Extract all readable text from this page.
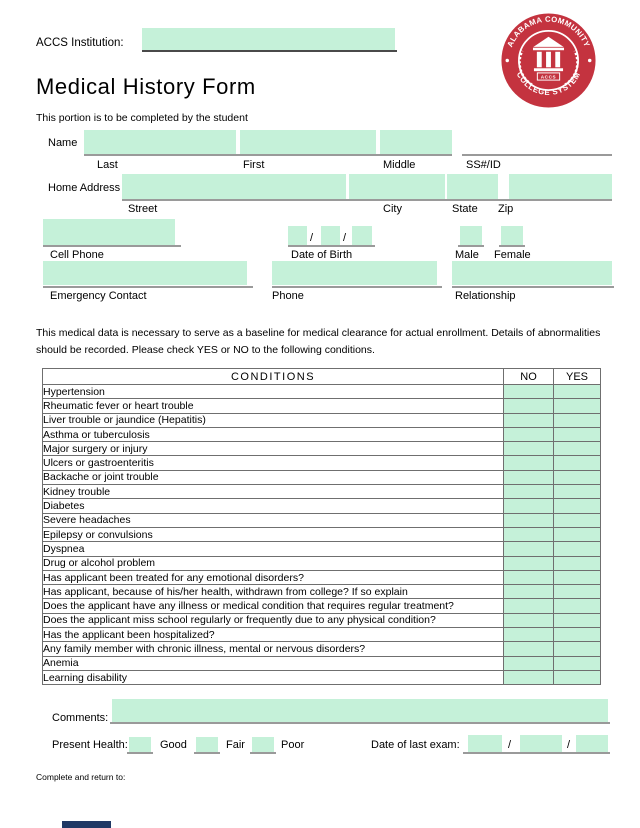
ACCS Institution:	ALABAMA COMMUNITY
COLLEGE SYSTEM
ACCS
Medical History Form
This portion is to be completed by the student
Name
Last	First	Middle	SS#/ID
Home Address
Street	City	State Zip
Cell Phone
/	/
Date of Birth	Male Female
Emergency Contact	Phone	Relationship
This medical data is necessary to serve as a baseline for medical clearance for actual enrollment. Details of abnormalities should be recorded. Please check YES or NO to the following conditions.
CONDITIONS	NO	YES
Hypertension		
Rheumatic fever or heart trouble		
Liver trouble or jaundice (Hepatitis)		
Asthma or tuberculosis		
Major surgery or injury		
Ulcers or gastroenteritis		
Backache or joint trouble		
Kidney trouble		
Diabetes		
Severe headaches		
Epilepsy or convulsions		
Dyspnea		
Drug or alcohol problem		
Has applicant been treated for any emotional disorders?		
Has applicant, because of his/her health, withdrawn from college? If so explain		
Does the applicant have any illness or medical condition that requires regular treatment?		
Does the applicant miss school regularly or frequently due to any physical condition?		
Has the applicant been hospitalized?		
Any family member with chronic illness, mental or nervous disorders?		
Anemia		
Learning disability		
Comments:
Present Health:	Good	Fair	Poor	Date of last exam:	/	/
Complete and return to:
